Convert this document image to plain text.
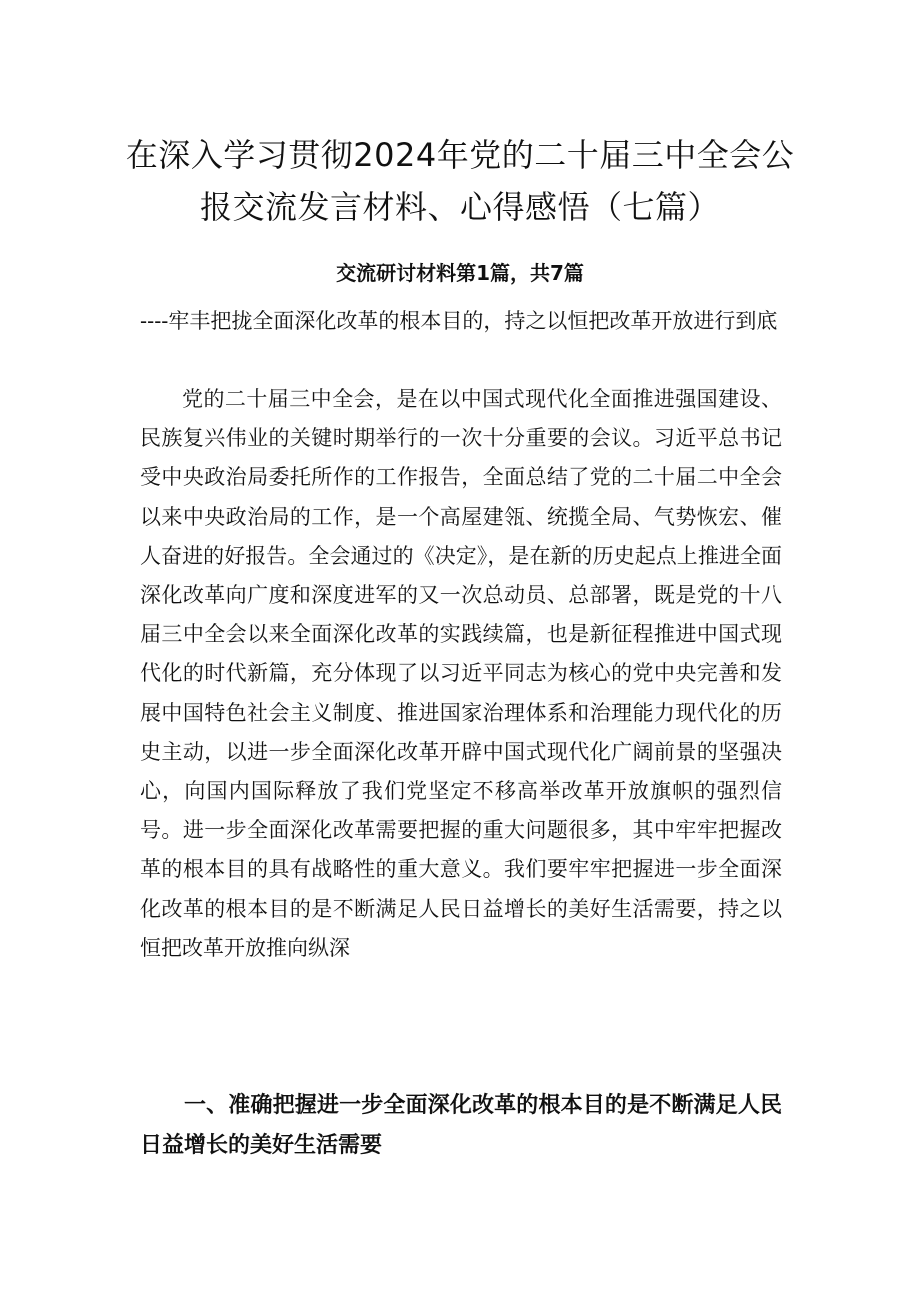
在深入学习贯彻2024年党的二十届三中全会公报交流发言材料、心得感悟（七篇）
交流研讨材料第1篇，共7篇

----牢丰把拢全面深化改革的根本目的，持之以恒把改革开放进行到底

党的二十届三中全会，是在以中国式现代化全面推进强国建设、民族复兴伟业的关键时期举行的一次十分重要的会议。习近平总书记受中央政治局委托所作的工作报告，全面总结了党的二十届二中全会以来中央政治局的工作，是一个高屋建瓴、统揽全局、气势恢宏、催人奋进的好报告。全会通过的《决定》，是在新的历史起点上推进全面深化改革向广度和深度进军的又一次总动员、总部署，既是党的十八届三中全会以来全面深化改革的实践续篇，也是新征程推进中国式现代化的时代新篇，充分体现了以习近平同志为核心的党中央完善和发展中国特色社会主义制度、推进国家治理体系和治理能力现代化的历史主动，以进一步全面深化改革开辟中国式现代化广阔前景的坚强决心，向国内国际释放了我们党坚定不移高举改革开放旗帜的强烈信号。进一步全面深化改革需要把握的重大问题很多，其中牢牢把握改革的根本目的具有战略性的重大意义。我们要牢牢把握进一步全面深化改革的根本目的是不断满足人民日益增长的美好生活需要，持之以恒把改革开放推向纵深

一、准确把握进一步全面深化改革的根本目的是不断满足人民日益增长的美好生活需要
